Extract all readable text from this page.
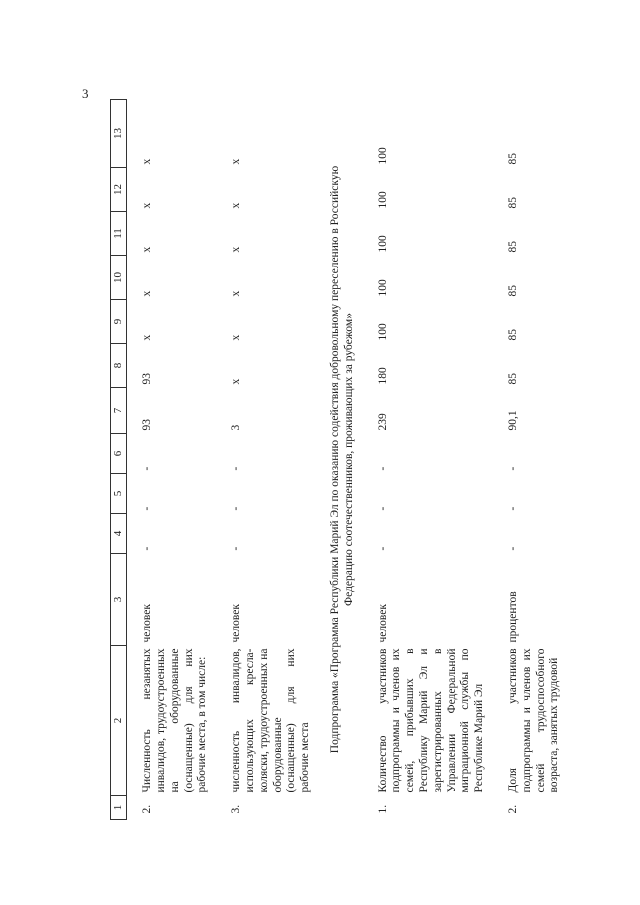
3
1	2	3	4	5	6	7	8	9	10	11	12	13
2.	Численность незанятых инвалидов, трудоустроенных на оборудованные (оснащенные) для них рабочие места, в том числе:	человек	-	-	-	93	93	x	x	x	x	x
3.	численность инвалидов, использующих кресла-коляски, трудоустроенных на оборудованные (оснащенные) для них рабочие места	человек	-	-	-	3	x	x	x	x	x	x
Подпрограмма «Программа Республики Марий Эл по оказанию содействия добровольному переселению в Российскую Федерацию соотечественников, проживающих за рубежом»												
1.	Количество участников подпрограммы и членов их семей, прибывших в Республику Марий Эл и зарегистрированных в Управлении Федеральной миграционной службы по Республике Марий Эл	человек	-	-	-	239	180	100	100	100	100	100
2.	Доля участников подпрограммы и членов их семей трудоспособного возраста, занятых трудовой	процентов	-	-	-	90,1	85	85	85	85	85	85
